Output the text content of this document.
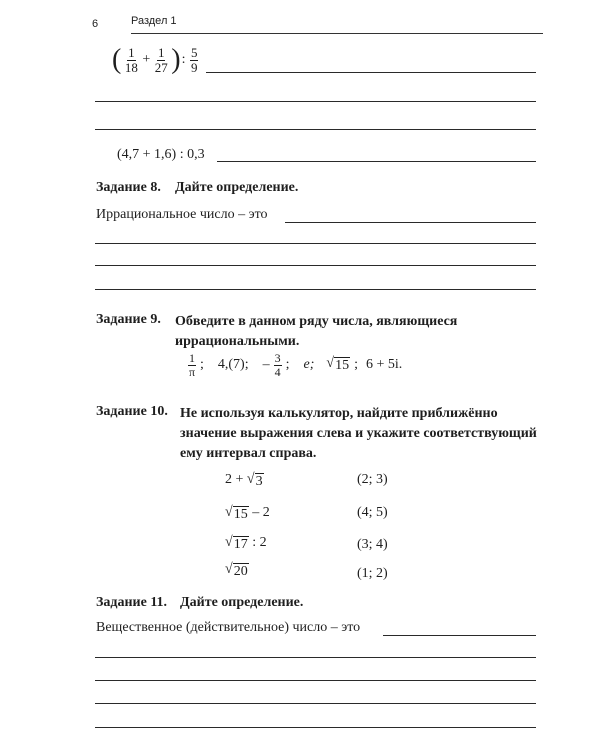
6	Раздел 1
( $\frac{1}{18} + \frac{1}{27}$ ): $\frac{5}{9}$
(4,7 + 1,6) : 0,3
Задание 8. Дайте определение.
Иррациональное число – это
Задание 9. Обведите в данном ряду числа, являющиеся иррациональными.
$\frac{1}{\pi}$ ; 4,(7); – $\frac{3}{4}$ ; e; √ 15 ; 6 + 5i.
Задание 10. Не используя калькулятор, найдите приближённо значение выражения слева и укажите соответствующий ему интервал справа.
2 + √ 3	(2; 3)
√ 15 – 2	(4; 5)
√ 17 : 2	(3; 4)
√ 20	(1; 2)
Задание 11. Дайте определение.
Вещественное (действительное) число – это
